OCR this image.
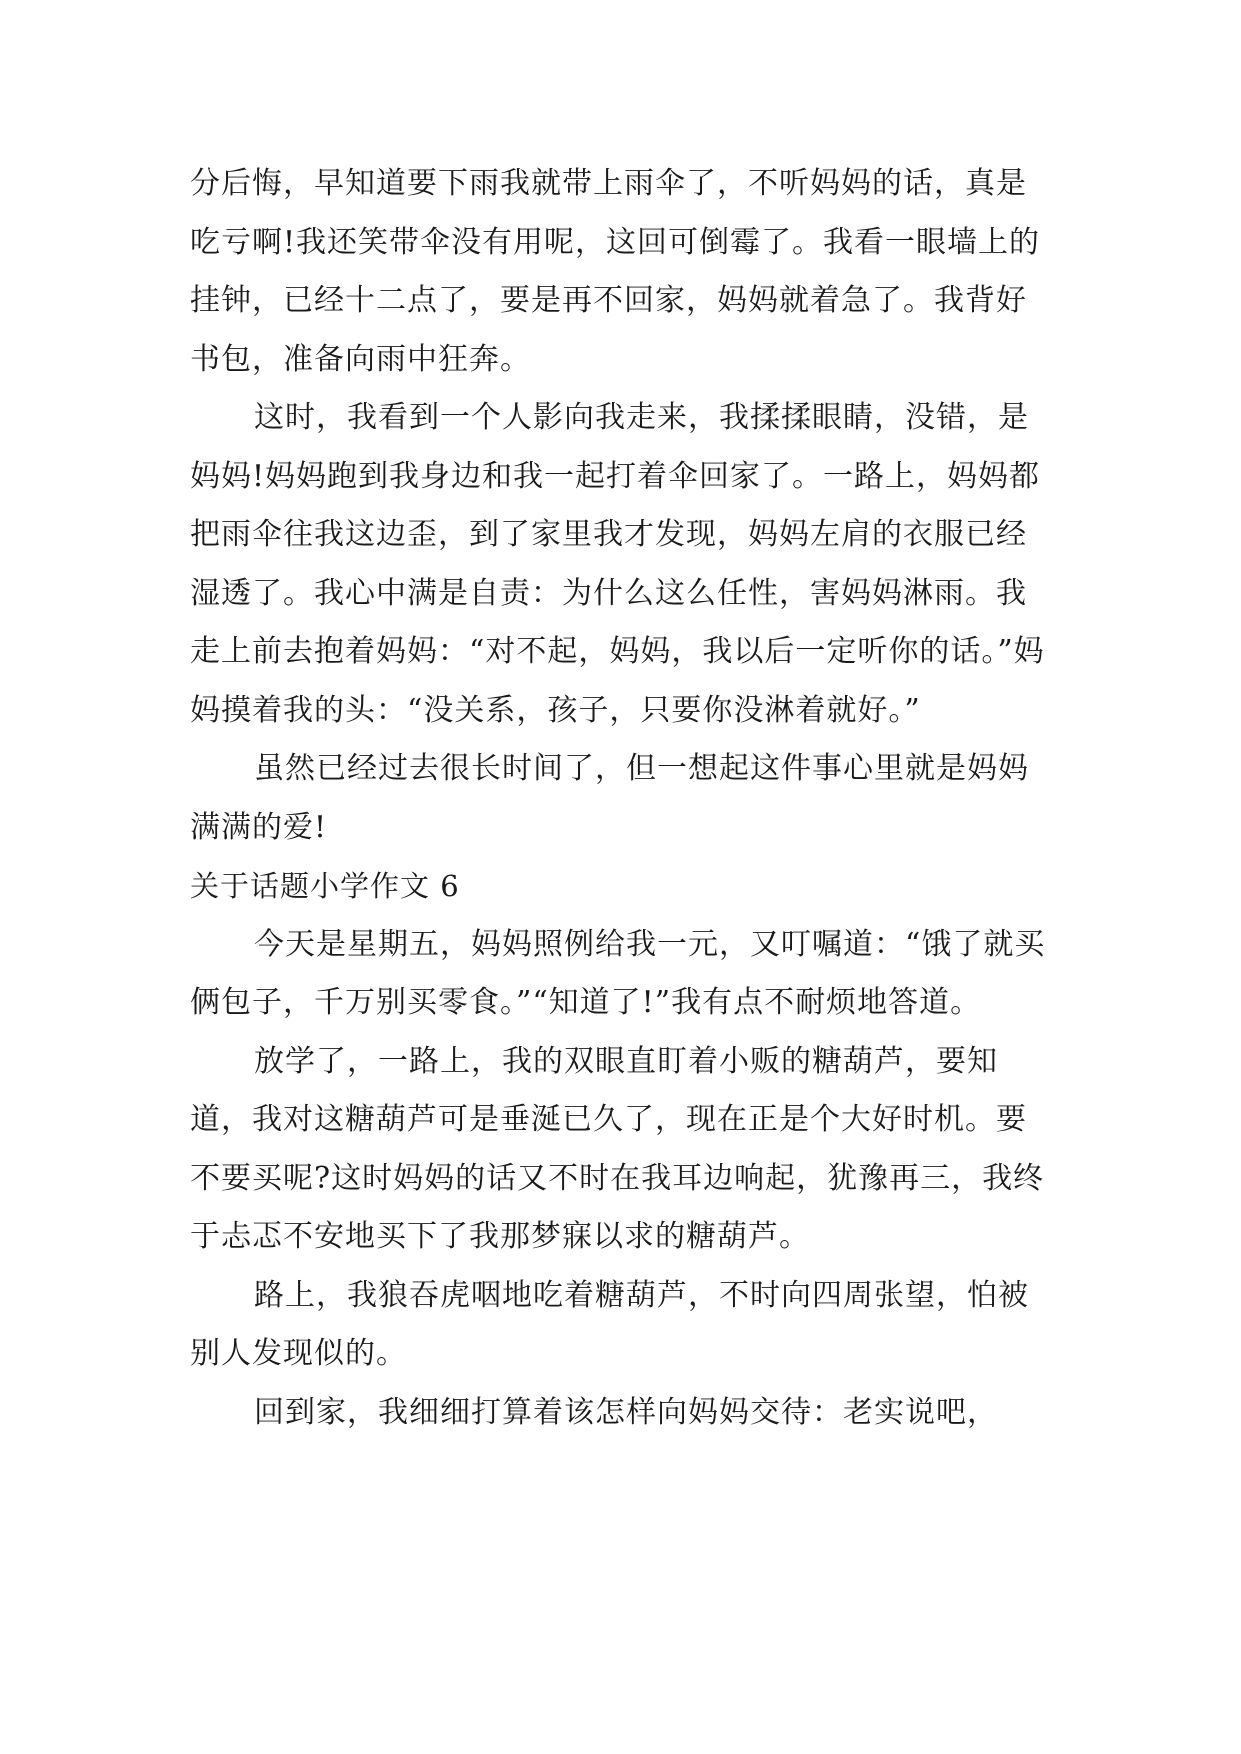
分后悔，早知道要下雨我就带上雨伞了，不听妈妈的话，真是吃亏啊!我还笑带伞没有用呢，这回可倒霉了。我看一眼墙上的挂钟，已经十二点了，要是再不回家，妈妈就着急了。我背好书包，准备向雨中狂奔。

这时，我看到一个人影向我走来，我揉揉眼睛，没错，是妈妈!妈妈跑到我身边和我一起打着伞回家了。一路上，妈妈都把雨伞往我这边歪，到了家里我才发现，妈妈左肩的衣服已经湿透了。我心中满是自责：为什么这么任性，害妈妈淋雨。我走上前去抱着妈妈：“对不起，妈妈，我以后一定听你的话。”妈妈摸着我的头：“没关系，孩子，只要你没淋着就好。”

虽然已经过去很长时间了，但一想起这件事心里就是妈妈满满的爱!

关于话题小学作文 6

今天是星期五，妈妈照例给我一元，又叮嘱道：“饿了就买俩包子，千万别买零食。”“知道了!”我有点不耐烦地答道。

放学了，一路上，我的双眼直盯着小贩的糖葫芦，要知道，我对这糖葫芦可是垂涎已久了，现在正是个大好时机。要不要买呢?这时妈妈的话又不时在我耳边响起，犹豫再三，我终于忐忑不安地买下了我那梦寐以求的糖葫芦。

路上，我狼吞虎咽地吃着糖葫芦，不时向四周张望，怕被别人发现似的。

回到家，我细细打算着该怎样向妈妈交待：老实说吧，
